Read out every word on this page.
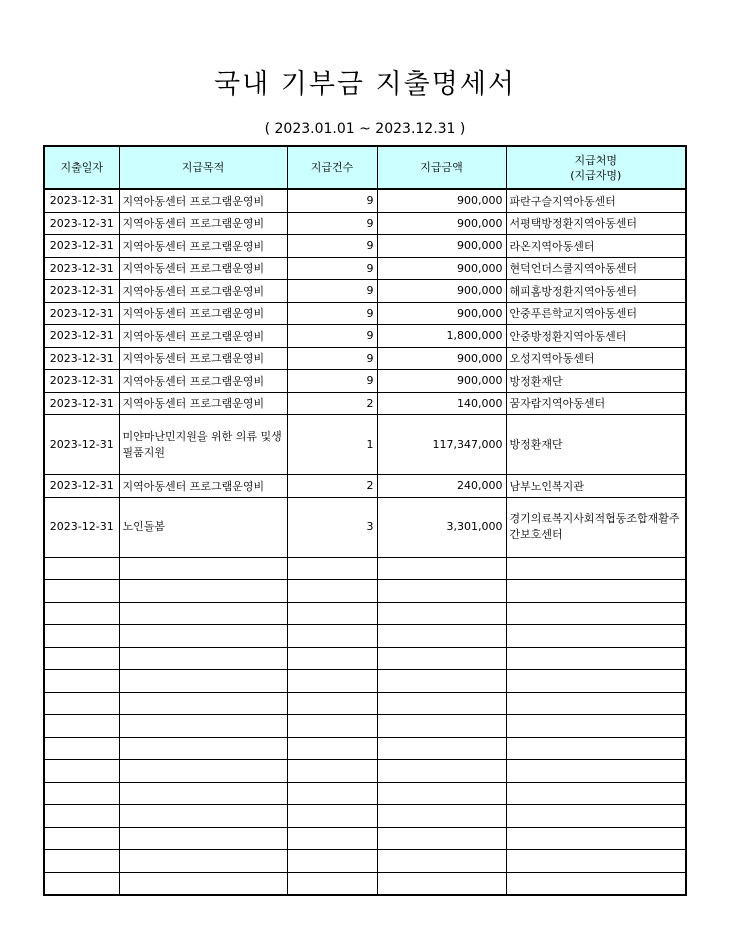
국내 기부금 지출명세서
( 2023.01.01 ~ 2023.12.31 )
지출일자	지급목적	지급건수	지급금액	지급처명
(지급자명)
2023-12-31	지역아동센터 프로그램운영비	9	900,000	파란구슬지역아동센터
2023-12-31	지역아동센터 프로그램운영비	9	900,000	서평택방정환지역아동센터
2023-12-31	지역아동센터 프로그램운영비	9	900,000	라온지역아동센터
2023-12-31	지역아동센터 프로그램운영비	9	900,000	현덕언더스쿨지역아동센터
2023-12-31	지역아동센터 프로그램운영비	9	900,000	해피홈방정환지역아동센터
2023-12-31	지역아동센터 프로그램운영비	9	900,000	안중푸른학교지역아동센터
2023-12-31	지역아동센터 프로그램운영비	9	1,800,000	안중방정환지역아동센터
2023-12-31	지역아동센터 프로그램운영비	9	900,000	오성지역아동센터
2023-12-31	지역아동센터 프로그램운영비	9	900,000	방정환재단
2023-12-31	지역아동센터 프로그램운영비	2	140,000	꿈자람지역아동센터
2023-12-31	미얀마난민지원을 위한 의류 및생필품지원	1	117,347,000	방정환재단
2023-12-31	지역아동센터 프로그램운영비	2	240,000	남부노인복지관
2023-12-31	노인돌봄	3	3,301,000	경기의료복지사회적협동조합재활주간보호센터
